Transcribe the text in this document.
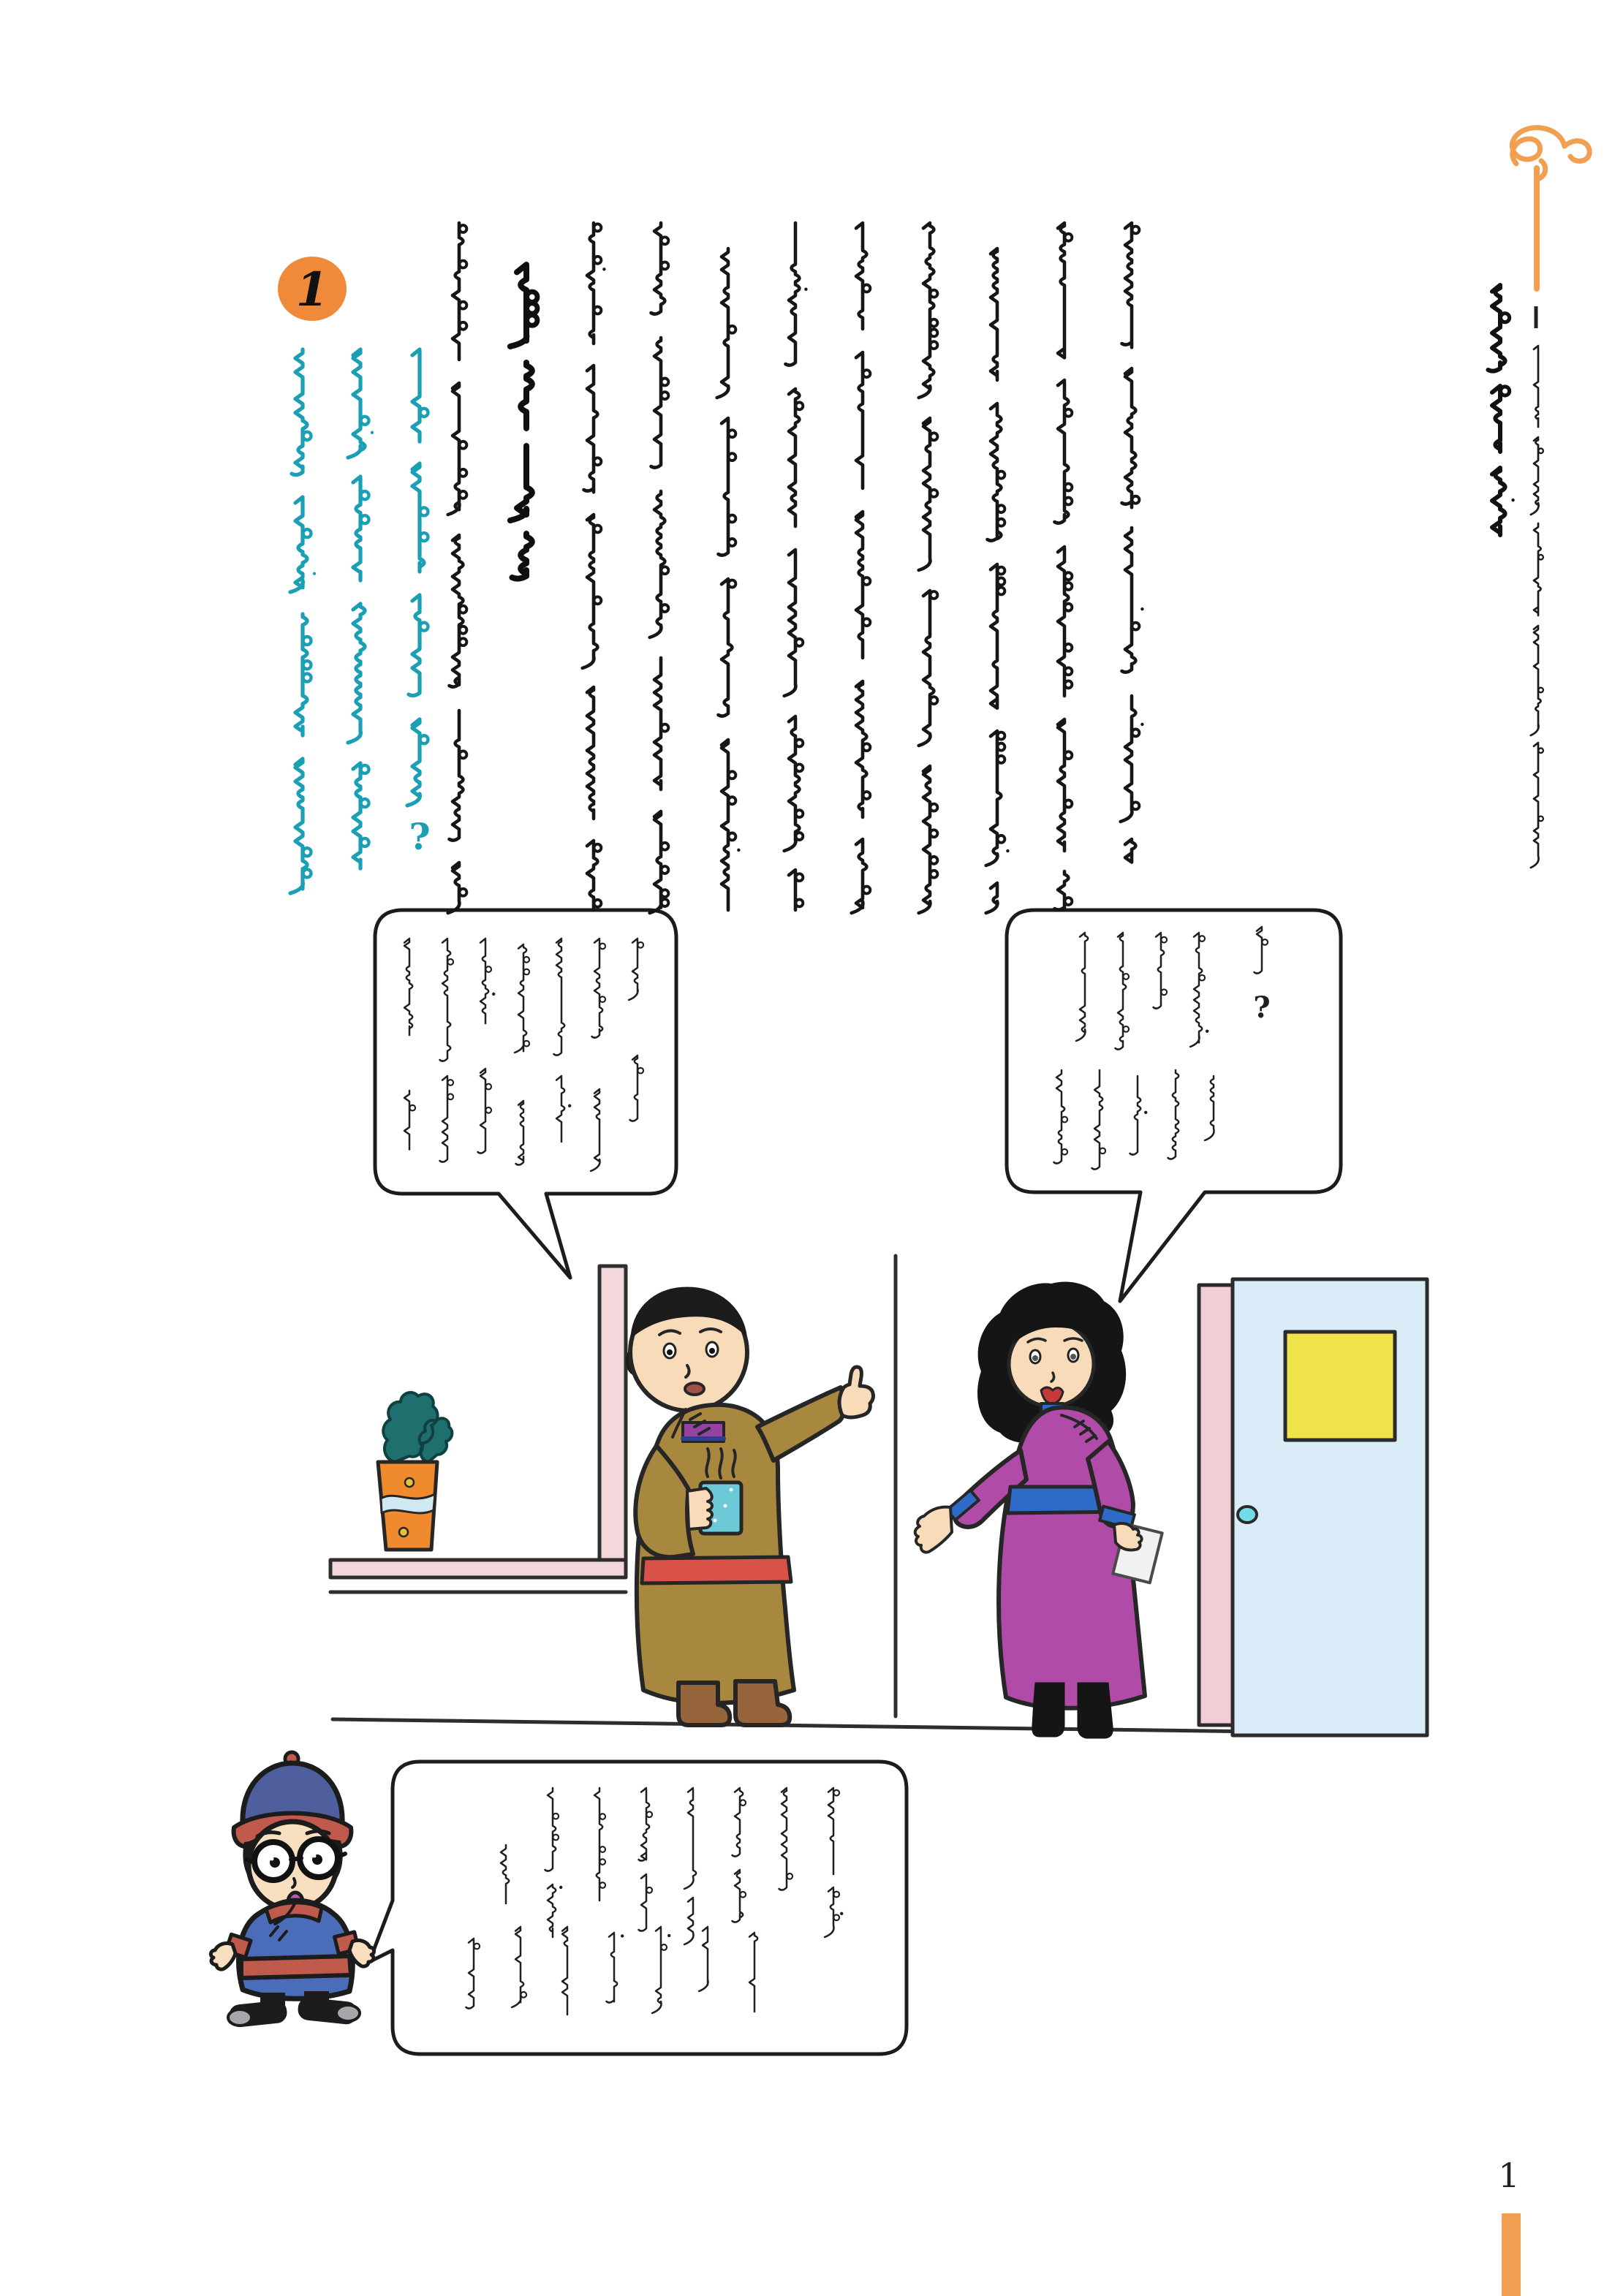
1
1
?
?
